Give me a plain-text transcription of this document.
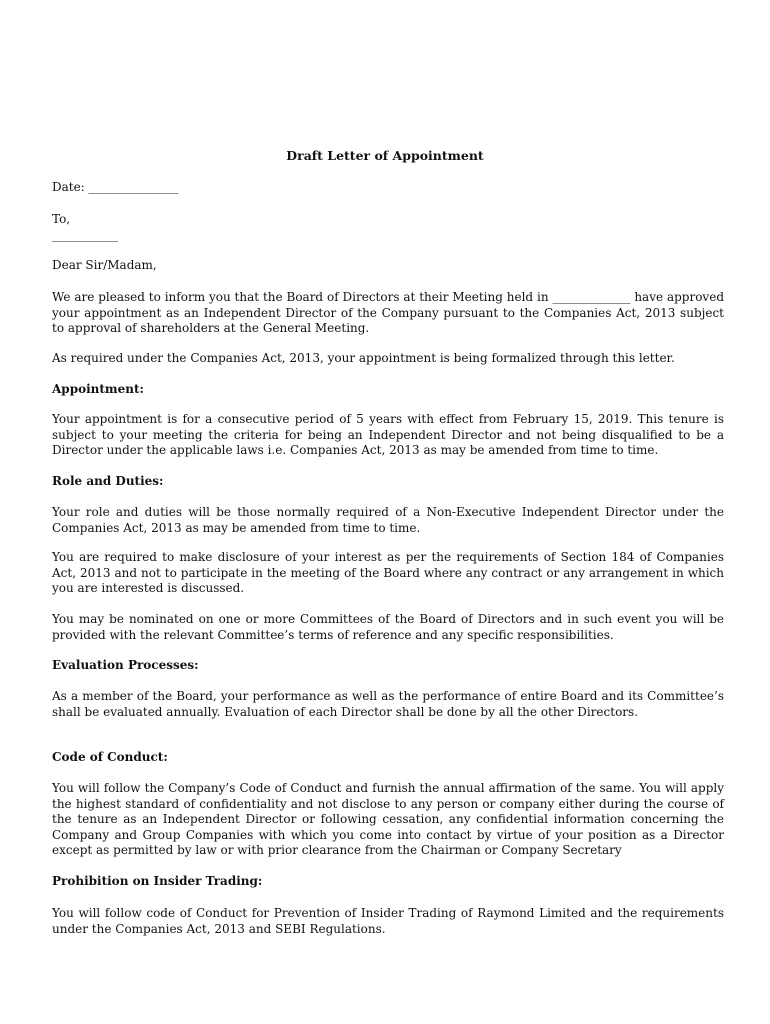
Draft Letter of Appointment
Date: _______________
To,
___________
Dear Sir/Madam,
We are pleased to inform you that the Board of Directors at their Meeting held in _____________ have approved your appointment as an Independent Director of the Company pursuant to the Companies Act, 2013 subject to approval of shareholders at the General Meeting.
As required under the Companies Act, 2013, your appointment is being formalized through this letter.
Appointment:
Your appointment is for a consecutive period of 5 years with effect from February 15, 2019. This tenure is subject to your meeting the criteria for being an Independent Director and not being disqualified to be a Director under the applicable laws i.e. Companies Act, 2013 as may be amended from time to time.
Role and Duties:
Your role and duties will be those normally required of a Non-Executive Independent Director under the Companies Act, 2013 as may be amended from time to time.
You are required to make disclosure of your interest as per the requirements of Section 184 of Companies Act, 2013 and not to participate in the meeting of the Board where any contract or any arrangement in which you are interested is discussed.
You may be nominated on one or more Committees of the Board of Directors and in such event you will be provided with the relevant Committee’s terms of reference and any specific responsibilities.
Evaluation Processes:
As a member of the Board, your performance as well as the performance of entire Board and its Committee’s shall be evaluated annually. Evaluation of each Director shall be done by all the other Directors.
Code of Conduct:
You will follow the Company’s Code of Conduct and furnish the annual affirmation of the same. You will apply the highest standard of confidentiality and not disclose to any person or company either during the course of the tenure as an Independent Director or following cessation, any confidential information concerning the Company and Group Companies with which you come into contact by virtue of your position as a Director except as permitted by law or with prior clearance from the Chairman or Company Secretary
Prohibition on Insider Trading:
You will follow code of Conduct for Prevention of Insider Trading of Raymond Limited and the requirements under the Companies Act, 2013 and SEBI Regulations.
